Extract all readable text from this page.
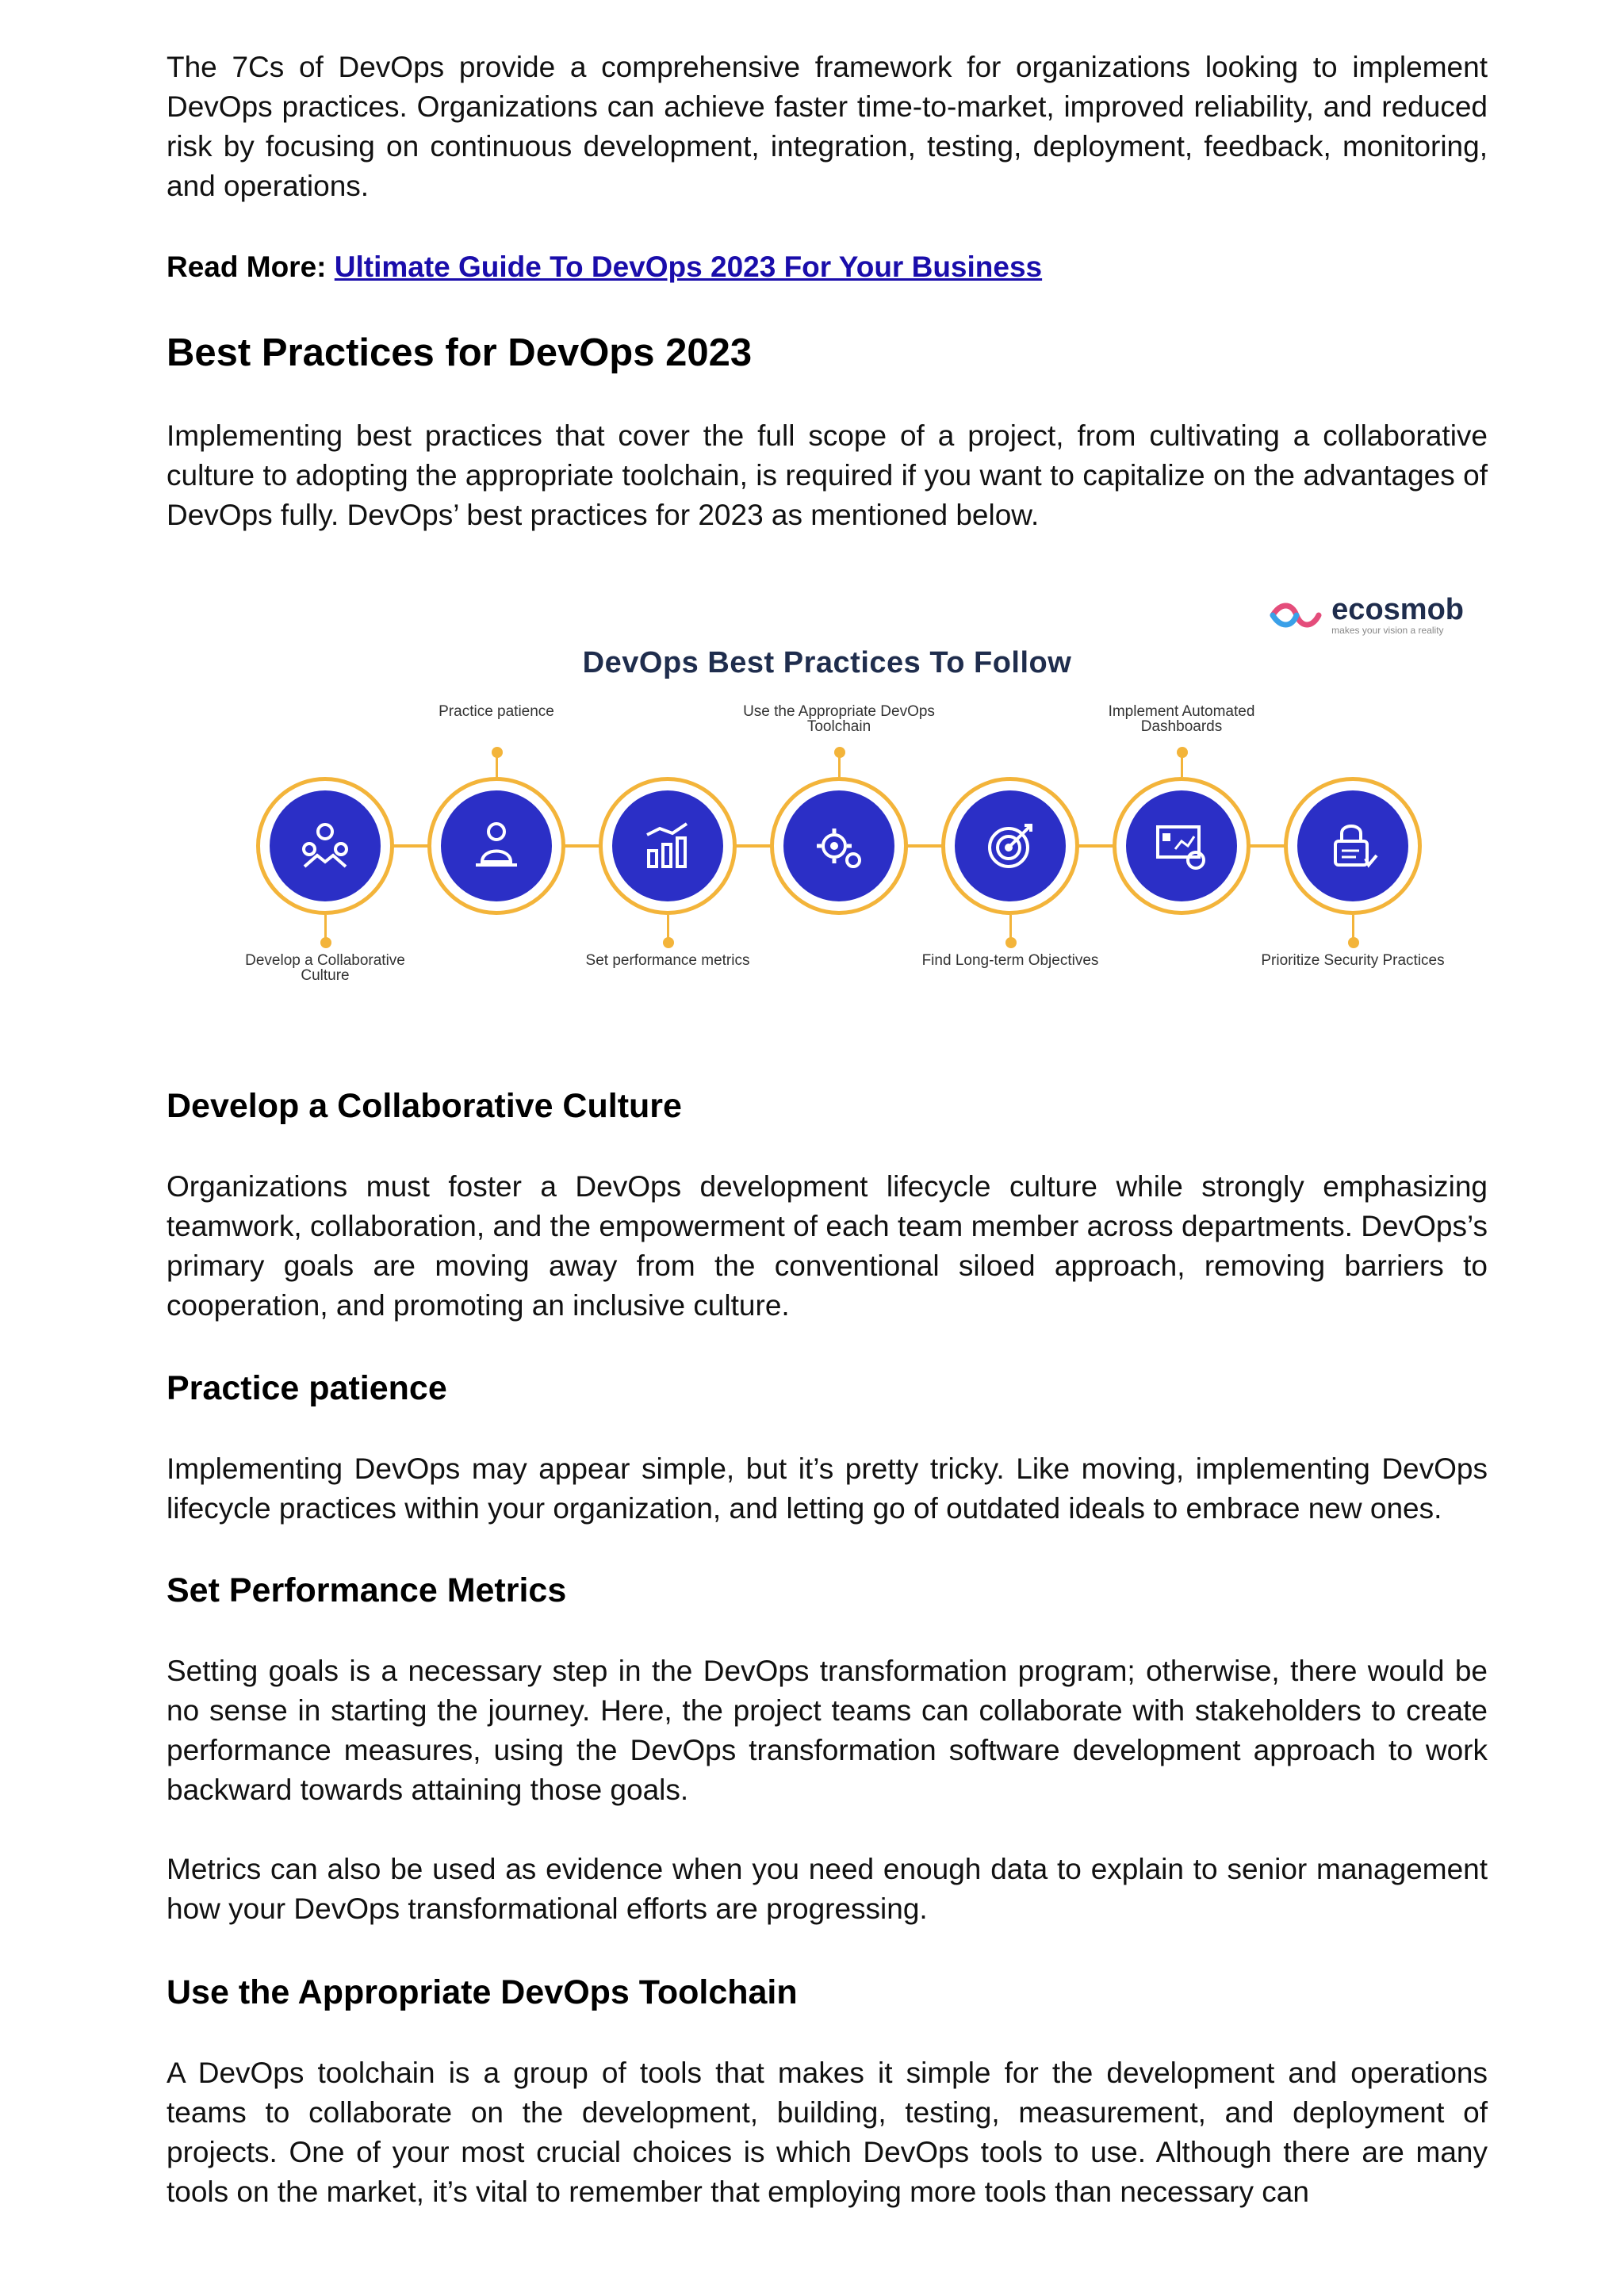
The 7Cs of DevOps provide a comprehensive framework for organizations looking to implement DevOps practices. Organizations can achieve faster time-to-market, improved reliability, and reduced risk by focusing on continuous development, integration, testing, deployment, feedback, monitoring, and operations.

Read More: Ultimate Guide To DevOps 2023 For Your Business

Best Practices for DevOps 2023

Implementing best practices that cover the full scope of a project, from cultivating a collaborative culture to adopting the appropriate toolchain, is required if you want to capitalize on the advantages of DevOps fully. DevOps’ best practices for 2023 as mentioned below.

Develop a Collaborative Culture

Organizations must foster a DevOps development lifecycle culture while strongly emphasizing teamwork, collaboration, and the empowerment of each team member across departments. DevOps’s primary goals are moving away from the conventional siloed approach, removing barriers to cooperation, and promoting an inclusive culture.

Practice patience

Implementing DevOps may appear simple, but it’s pretty tricky. Like moving, implementing DevOps lifecycle practices within your organization, and letting go of outdated ideals to embrace new ones.

Set Performance Metrics

Setting goals is a necessary step in the DevOps transformation program; otherwise, there would be no sense in starting the journey. Here, the project teams can collaborate with stakeholders to create performance measures, using the DevOps transformation software development approach to work backward towards attaining those goals.

Metrics can also be used as evidence when you need enough data to explain to senior management how your DevOps transformational efforts are progressing.

Use the Appropriate DevOps Toolchain

A DevOps toolchain is a group of tools that makes it simple for the development and operations teams to collaborate on the development, building, testing, measurement, and deployment of projects. One of your most crucial choices is which DevOps tools to use. Although there are many tools on the market, it’s vital to remember that employing more tools than necessary can

ecosmob
makes your vision a reality
DevOps Best Practices To Follow
Develop a Collaborative Culture
Practice patience
Set performance metrics
Use the Appropriate DevOps Toolchain
Find Long-term Objectives
Implement Automated Dashboards
Prioritize Security Practices
